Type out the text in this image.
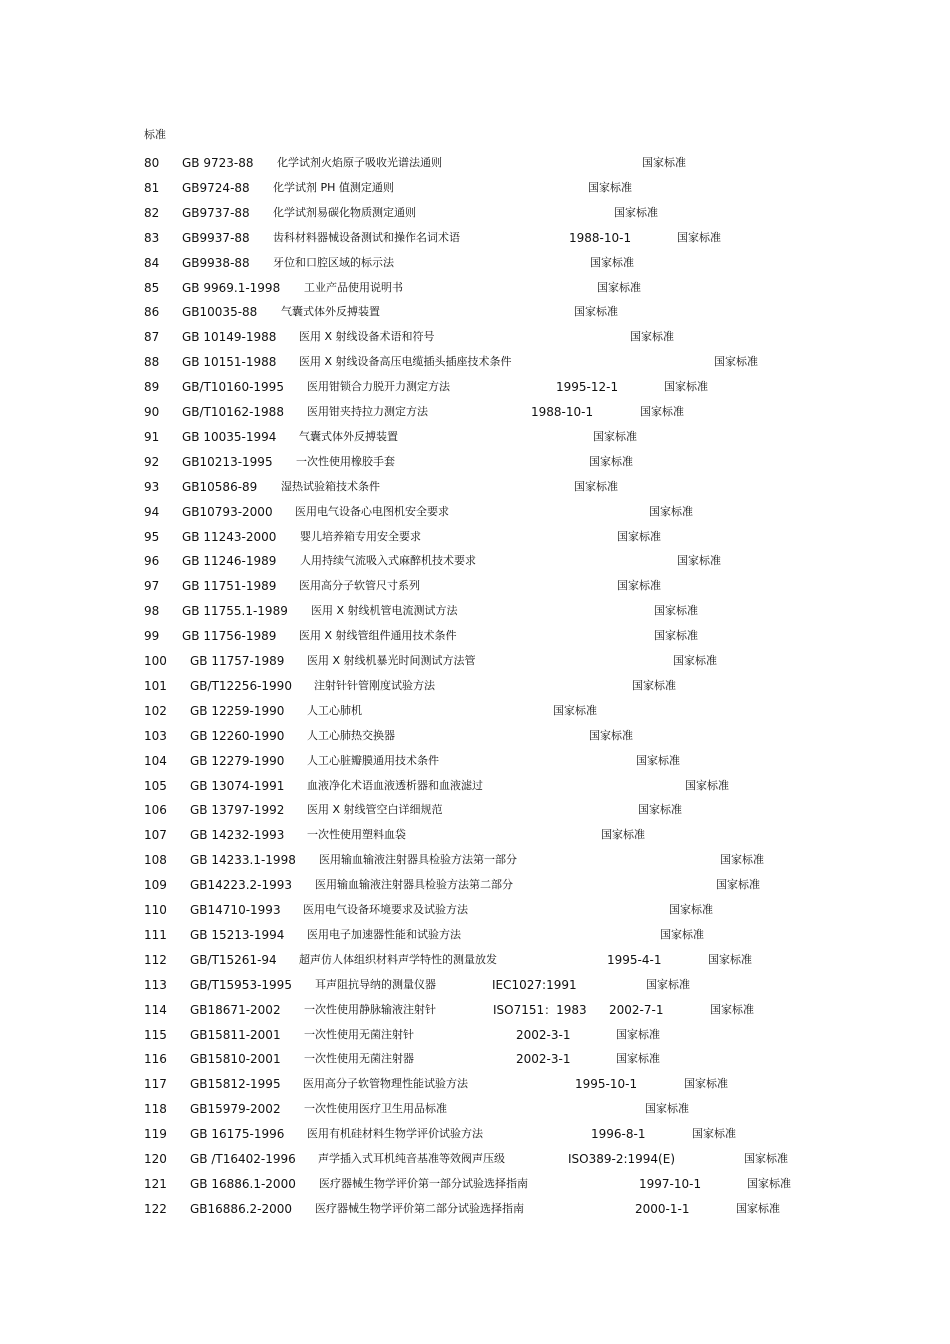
标准
80 GB 9723-88 化学试剂火焰原子吸收光谱法通则	国家标准
81 GB9724-88 化学试剂 PH 值测定通则	国家标准
82 GB9737-88 化学试剂易碳化物质测定通则	国家标准
83 GB9937-88 齿科材料器械设备测试和操作名词术语	1988-10-1	国家标准
84 GB9938-88 牙位和口腔区域的标示法	国家标准
85 GB 9969.1-1998 工业产品使用说明书	国家标准
86 GB10035-88 气囊式体外反搏装置	国家标准
87 GB 10149-1988 医用 X 射线设备术语和符号	国家标准
88 GB 10151-1988 医用 X 射线设备高压电缆插头插座技术条件	国家标准
89 GB/T10160-1995 医用钳锁合力脱开力测定方法	1995-12-1	国家标准
90 GB/T10162-1988 医用钳夹持拉力测定方法	1988-10-1	国家标准
91 GB 10035-1994 气囊式体外反搏装置	国家标准
92 GB10213-1995 一次性使用橡胶手套	国家标准
93 GB10586-89 湿热试验箱技术条件	国家标准
94 GB10793-2000 医用电气设备心电图机安全要求	国家标准
95 GB 11243-2000 婴儿培养箱专用安全要求	国家标准
96 GB 11246-1989 人用持续气流吸入式麻醉机技术要求	国家标准
97 GB 11751-1989 医用高分子软管尺寸系列	国家标准
98 GB 11755.1-1989 医用 X 射线机管电流测试方法	国家标准
99 GB 11756-1989 医用 X 射线管组件通用技术条件	国家标准
100 GB 11757-1989 医用 X 射线机暴光时间测试方法管	国家标准
101 GB/T12256-1990 注射针针管刚度试验方法	国家标准
102 GB 12259-1990 人工心肺机	国家标准
103 GB 12260-1990 人工心肺热交换器	国家标准
104 GB 12279-1990 人工心脏瓣膜通用技术条件	国家标准
105 GB 13074-1991 血液净化术语血液透析器和血液滤过	国家标准
106 GB 13797-1992 医用 X 射线管空白详细规范	国家标准
107 GB 14232-1993 一次性使用塑料血袋	国家标准
108 GB 14233.1-1998 医用输血输液注射器具检验方法第一部分	国家标准
109 GB14223.2-1993 医用输血输液注射器具检验方法第二部分	国家标准
110 GB14710-1993 医用电气设备环境要求及试验方法	国家标准
111 GB 15213-1994 医用电子加速器性能和试验方法	国家标准
112 GB/T15261-94 超声仿人体组织材料声学特性的测量放发	1995-4-1	国家标准
113 GB/T15953-1995 耳声阻抗导纳的测量仪器	IEC1027:1991	国家标准
114 GB18671-2002 一次性使用静脉输液注射针	ISO7151：1983 2002-7-1	国家标准
115 GB15811-2001 一次性使用无菌注射针	2002-3-1	国家标准
116 GB15810-2001 一次性使用无菌注射器	2002-3-1	国家标准
117 GB15812-1995 医用高分子软管物理性能试验方法	1995-10-1	国家标准
118 GB15979-2002 一次性使用医疗卫生用品标准	国家标准
119 GB 16175-1996 医用有机硅材料生物学评价试验方法	1996-8-1	国家标准
120 GB /T16402-1996 声学插入式耳机纯音基准等效阀声压级	ISO389-2:1994(E)	国家标准
121 GB 16886.1-2000 医疗器械生物学评价第一部分试验选择指南	1997-10-1	国家标准
122 GB16886.2-2000 医疗器械生物学评价第二部分试验选择指南	2000-1-1	国家标准
